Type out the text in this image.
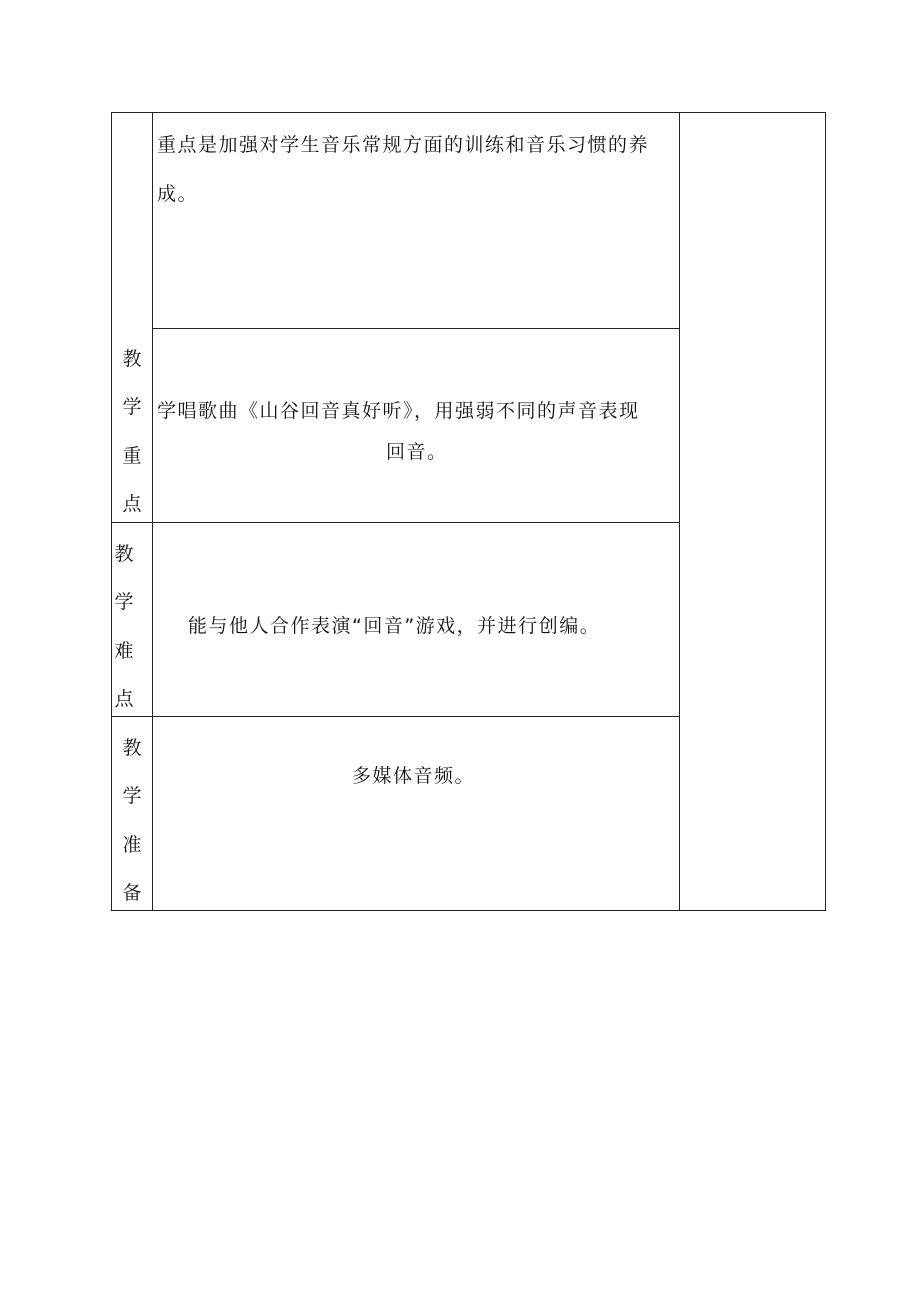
重点是加强对学生音乐常规方面的训练和音乐习惯的养
成。
教
学
重
点
学唱歌曲《山谷回音真好听》，用强弱不同的声音表现
回音。
教
学
难
点
能与他人合作表演“回音”游戏，并进行创编。
教
学
准
备
多媒体音频。
